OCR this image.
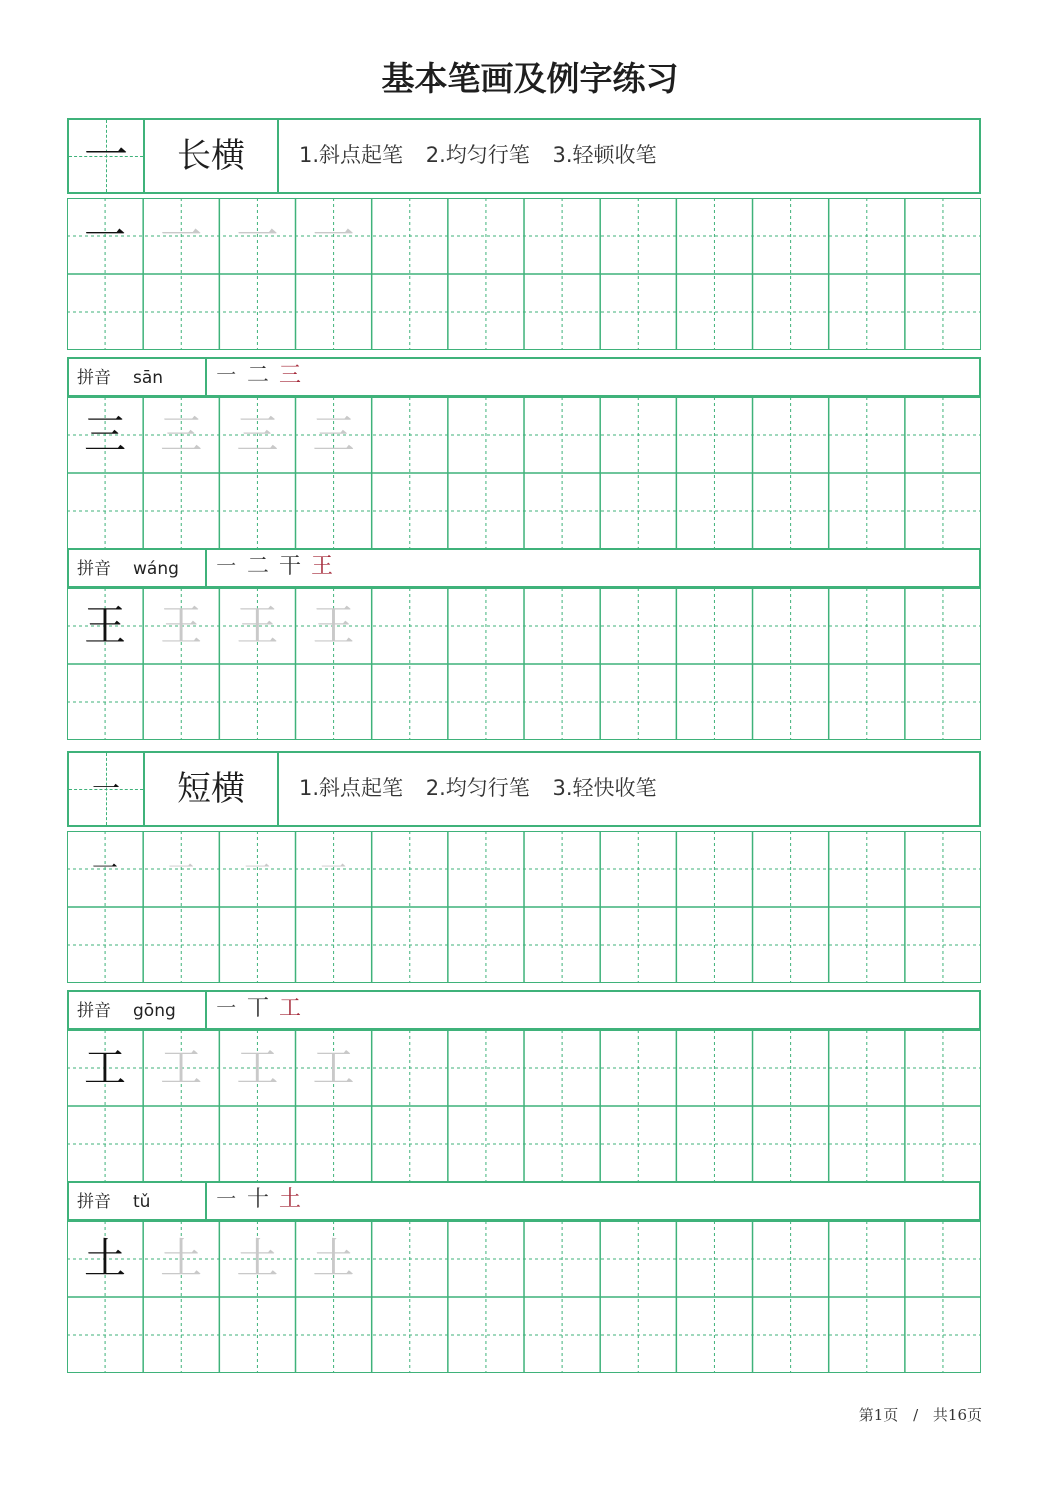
基本笔画及例字练习
一	长横	1.斜点起笔 2.均匀行笔 3.轻顿收笔
一 一 一 一
拼音 sān	㇐ 二 三
三 三 三 三
拼音 wáng	㇐ 二 干 王
王 王 王 王
一	短横	1.斜点起笔 2.均匀行笔 3.轻快收笔
一	一	一	一
拼音 gōng	㇐ 丅 工
工 工 工 工
拼音 tǔ	㇐ 十 土
土 土 土 土
第1页 / 共16页
